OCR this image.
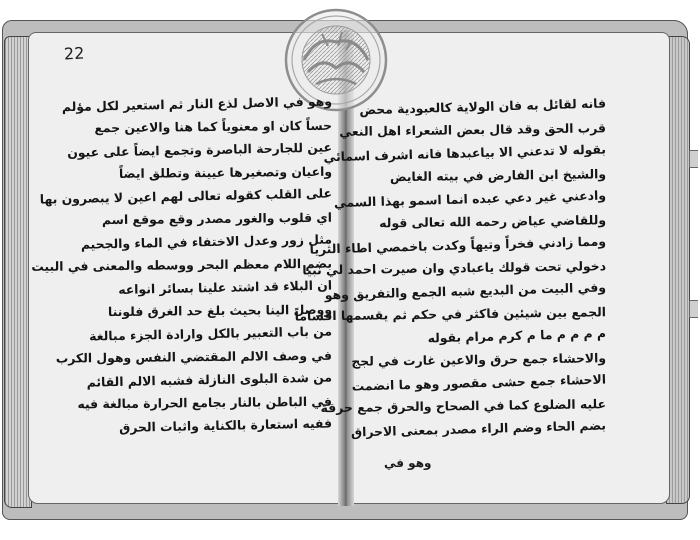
22
وهو في الاصل لذع النار ثم استعير لكل مؤلم
حساً كان او معنوياً كما هنا والاعين جمع
عين للجارحة الباصرة وتجمع ايضاً على عيون
واعيان وتصغيرها عيينة وتطلق ايضاً
على القلب كقوله تعالى لهم اعين لا يبصرون بها
اي قلوب والغور مصدر وقع موقع اسم
مثل زور وعدل الاختفاء في الماء والجحيم
بضم اللام معظم البحر ووسطه والمعنى في البيت
ان البلاء قد اشتد علينا بسائر انواعه
ووصل الينا بحيث بلغ حد الغرق فلوننا
من باب التعبير بالكل وارادة الجزء مبالغة
في وصف الالم المقتضي النفس وهول الكرب
من شدة البلوى النازلة فشبه الالم القائم
في الباطن بالنار بجامع الحرارة مبالغة فيه
ففيه استعارة بالكناية واثبات الحرق
فانه لقائل به فان الولاية كالعبودية محض
قرب الحق وقد قال بعض الشعراء اهل النعي
بقوله لا تدعني الا بياعبدها فانه اشرف اسمائي
والشيخ ابن الفارض في بيته الغايض
وادعني غير دعي عبده انما اسمو بهذا السمي
وللقاضي عياض رحمه الله تعالى قوله
ومما زادني فخراً وتيهاً وكدت باخمصي اطاء الثريا
دخولي تحت قولك ياعبادي وان صيرت احمد لي نبيا
وفي البيت من البديع شبه الجمع والتفريق وهو
الجمع بين شيئين فاكثر في حكم ثم يقسمها اقساماً
م م م م ما م كرم مرام بقوله
والاحشاء جمع حرق والاعين غارت في لجج
الاحشاء جمع حشى مقصور وهو ما انضمت
عليه الضلوع كما في الصحاح والحرق جمع حرقة
بضم الحاء وضم الراء مصدر بمعنى الاحراق
وهو في
